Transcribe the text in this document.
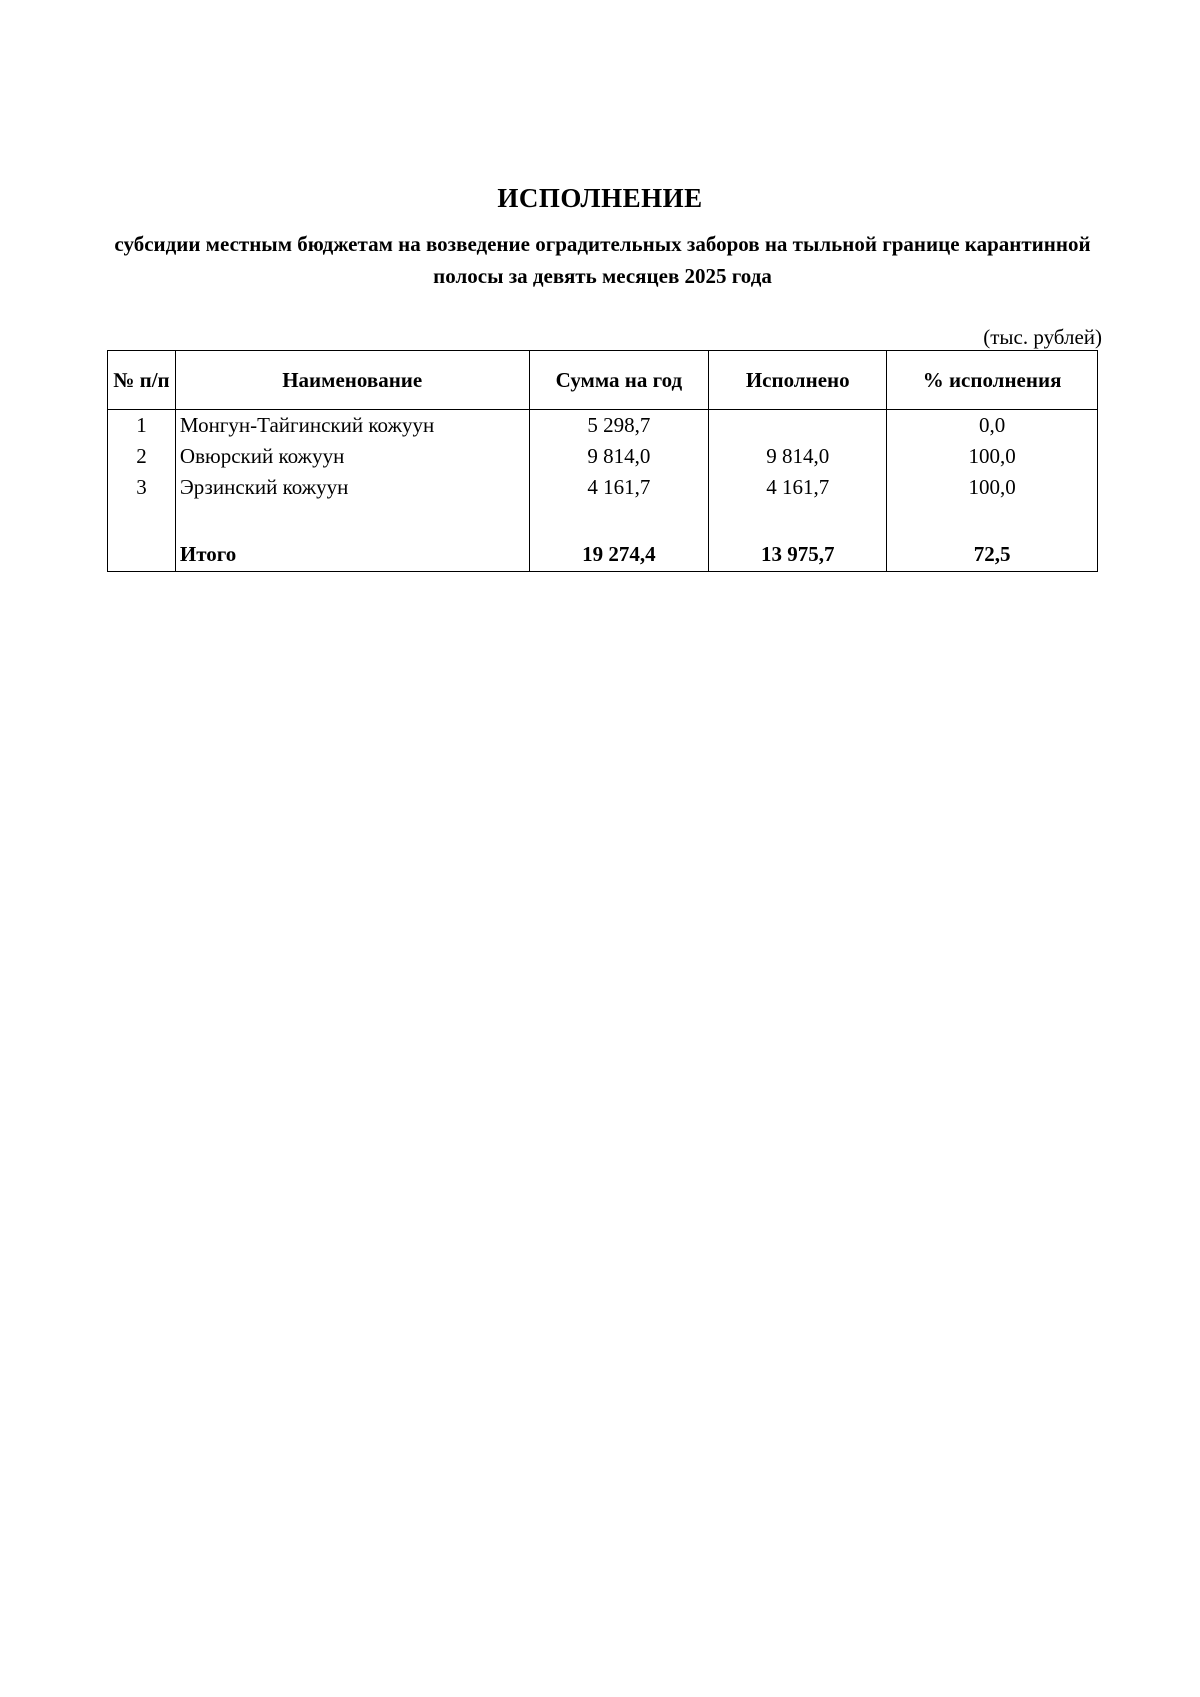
ИСПОЛНЕНИЕ
субсидии местным бюджетам на возведение оградительных заборов на тыльной границе карантинной полосы за девять месяцев 2025 года
(тыс. рублей)
№ п/п	Наименование	Сумма на год	Исполнено	% исполнения
1	Монгун-Тайгинский кожуун	5 298,7		0,0
2	Овюрский кожуун	9 814,0	9 814,0	100,0
3	Эрзинский кожуун	4 161,7	4 161,7	100,0

	Итого	19 274,4	13 975,7	72,5
